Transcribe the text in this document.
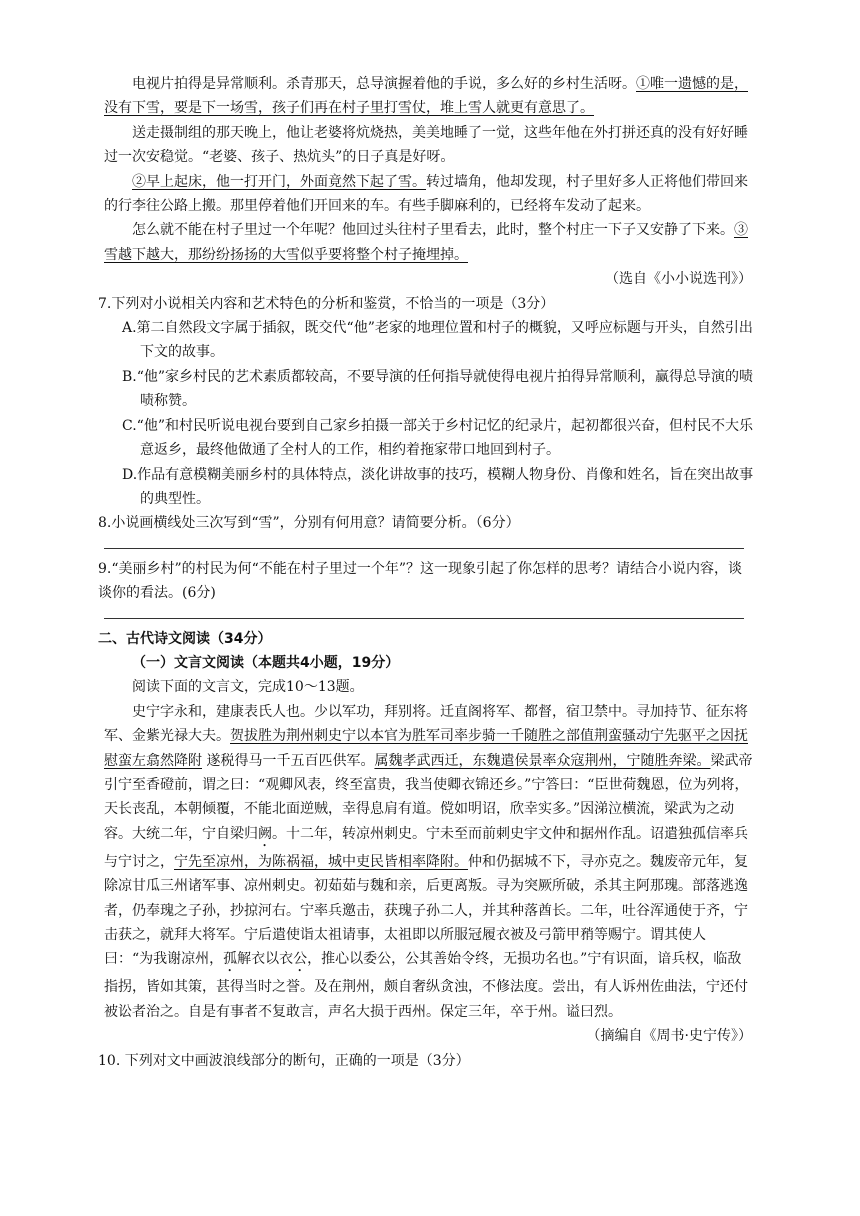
电视片拍得是异常顺利。杀青那天，总导演握着他的手说，多么好的乡村生活呀。①唯一遗憾的是，没有下雪，要是下一场雪，孩子们再在村子里打雪仗，堆上雪人就更有意思了。

送走摄制组的那天晚上，他让老婆将炕烧热，美美地睡了一觉，这些年他在外打拼还真的没有好好睡过一次安稳觉。“老婆、孩子、热炕头”的日子真是好呀。

②早上起床，他一打开门，外面竟然下起了雪。转过墙角，他却发现，村子里好多人正将他们带回来的行李往公路上搬。那里停着他们开回来的车。有些手脚麻利的，已经将车发动了起来。

怎么就不能在村子里过一个年呢？他回过头往村子里看去，此时，整个村庄一下子又安静了下来。③雪越下越大，那纷纷扬扬的大雪似乎要将整个村子掩埋掉。

（选自《小小说选刊》）

7.下列对小说相关内容和艺术特色的分析和鉴赏，不恰当的一项是（3分）

A.第二自然段文字属于插叙，既交代“他”老家的地理位置和村子的概貌，又呼应标题与开头，自然引出下文的故事。

B.“他”家乡村民的艺术素质都较高，不要导演的任何指导就使得电视片拍得异常顺利，赢得总导演的啧啧称赞。

C.“他”和村民听说电视台要到自己家乡拍摄一部关于乡村记忆的纪录片，起初都很兴奋，但村民不大乐意返乡，最终他做通了全村人的工作，相约着拖家带口地回到村子。

D.作品有意模糊美丽乡村的具体特点，淡化讲故事的技巧，模糊人物身份、肖像和姓名，旨在突出故事的典型性。

8.小说画横线处三次写到“雪”，分别有何用意？请简要分析。（6分）

9.“美丽乡村”的村民为何“不能在村子里过一个年”？这一现象引起了你怎样的思考？请结合小说内容，谈谈你的看法。(6分)

二、古代诗文阅读（34分）

（一）文言文阅读（本题共4小题，19分）

阅读下面的文言文，完成10～13题。

史宁字永和，建康表氏人也。少以军功，拜别将。迁直阁将军、都督，宿卫禁中。寻加持节、征东将军、金紫光禄大夫。贺拔胜为荆州刺史宁以本官为胜军司率步骑一千随胜之部值荆蛮骚动宁先驱平之因抚慰蛮左翕然降附 遂税得马一千五百匹供军。属魏孝武西迁，东魏遣侯景率众寇荆州，宁随胜奔梁。梁武帝引宁至香磴前，谓之曰：“观卿风表，终至富贵，我当使卿衣锦还乡。”宁答曰：“臣世荷魏恩，位为列将，天长丧乱，本朝倾覆，不能北面逆贼，幸得息肩有道。傥如明诏，欣幸实多。”因涕泣横流，梁武为之动容。大统二年，宁自梁归阙。十二年，转凉州刺史。宁未至而前刺史宇文仲和据州作乱。诏遣独孤信率兵与宁讨之，宁先至凉州，为陈祸福，城中吏民皆相率降附。仲和仍据城不下，寻亦克之。魏废帝元年，复除凉甘瓜三州诸军事、凉州刺史。初茹茹与魏和亲，后更离叛。寻为突厥所破，杀其主阿那瑰。部落逃逸者，仍奉瑰之子孙，抄掠河右。宁率兵邀击，获瑰子孙二人，并其种落酋长。二年，吐谷浑通使于齐，宁击获之，就拜大将军。宁后遣使诣太祖请事，太祖即以所服冠履衣被及弓箭甲矟等赐宁。谓其使人曰：“为我谢凉州，孤解衣以衣公，推心以委公，公其善始令终，无损功名也。”宁有识面，谙兵权，临敌指拐，皆如其策，甚得当时之誉。及在荆州，颇自奢纵贪浊，不修法度。尝出，有人诉州佐曲法，宁还付被讼者治之。自是有事者不复敢言，声名大损于西州。保定三年，卒于州。谥曰烈。

（摘编自《周书·史宁传》）

10. 下列对文中画波浪线部分的断句，正确的一项是（3分）
